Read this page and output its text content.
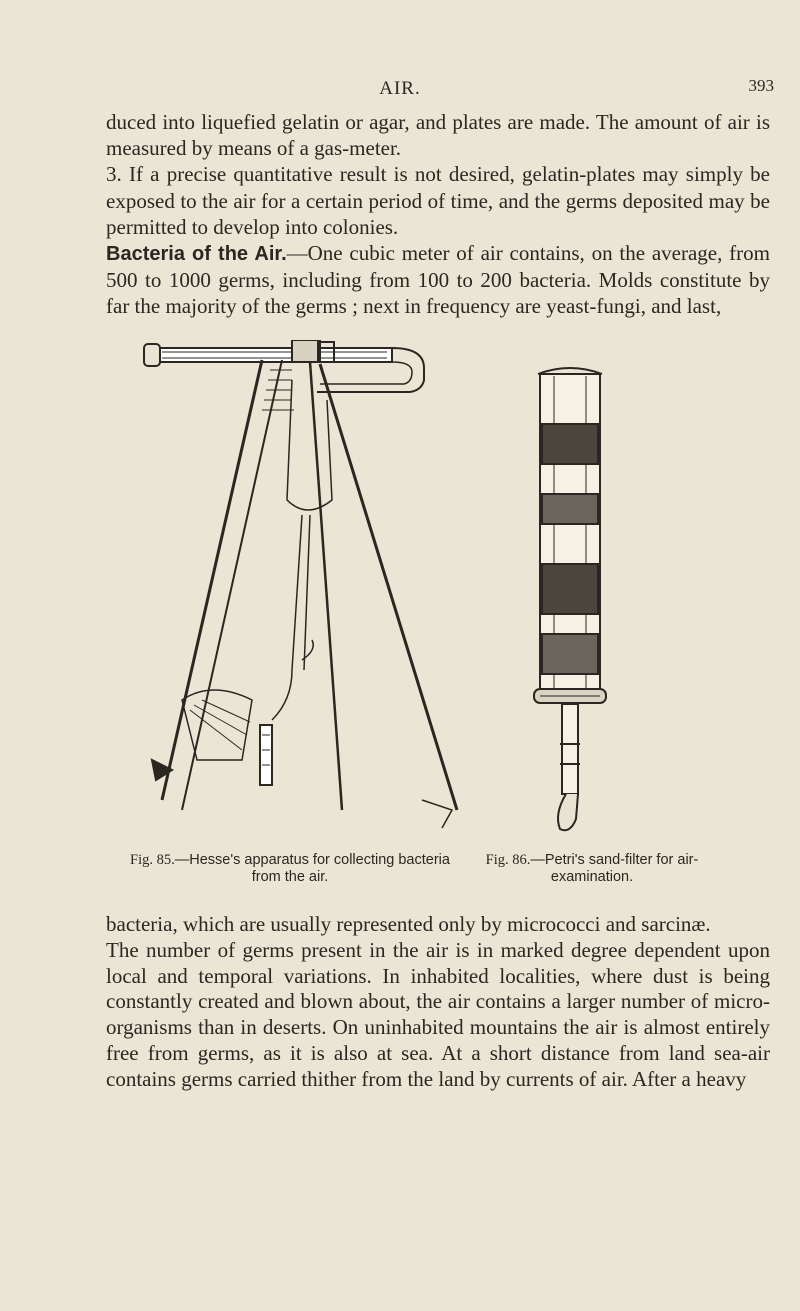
AIR.	393

duced into liquefied gelatin or agar, and plates are made. The amount of air is measured by means of a gas-meter.

3. If a precise quantitative result is not desired, gelatin-plates may simply be exposed to the air for a certain period of time, and the germs deposited may be permitted to develop into colonies.

Bacteria of the Air.—One cubic meter of air contains, on the average, from 500 to 1000 germs, including from 100 to 200 bacteria. Molds constitute by far the majority of the germs ; next in frequency are yeast-fungi, and last,

Fig. 85.—Hesse's apparatus for collecting bacteria from the air.
Fig. 86.—Petri's sand-filter for air-examination.

bacteria, which are usually represented only by micrococci and sarcinæ.

The number of germs present in the air is in marked degree dependent upon local and temporal variations. In inhabited localities, where dust is being constantly created and blown about, the air contains a larger number of micro-organisms than in deserts. On uninhabited mountains the air is almost entirely free from germs, as it is also at sea. At a short distance from land sea-air contains germs carried thither from the land by currents of air. After a heavy
